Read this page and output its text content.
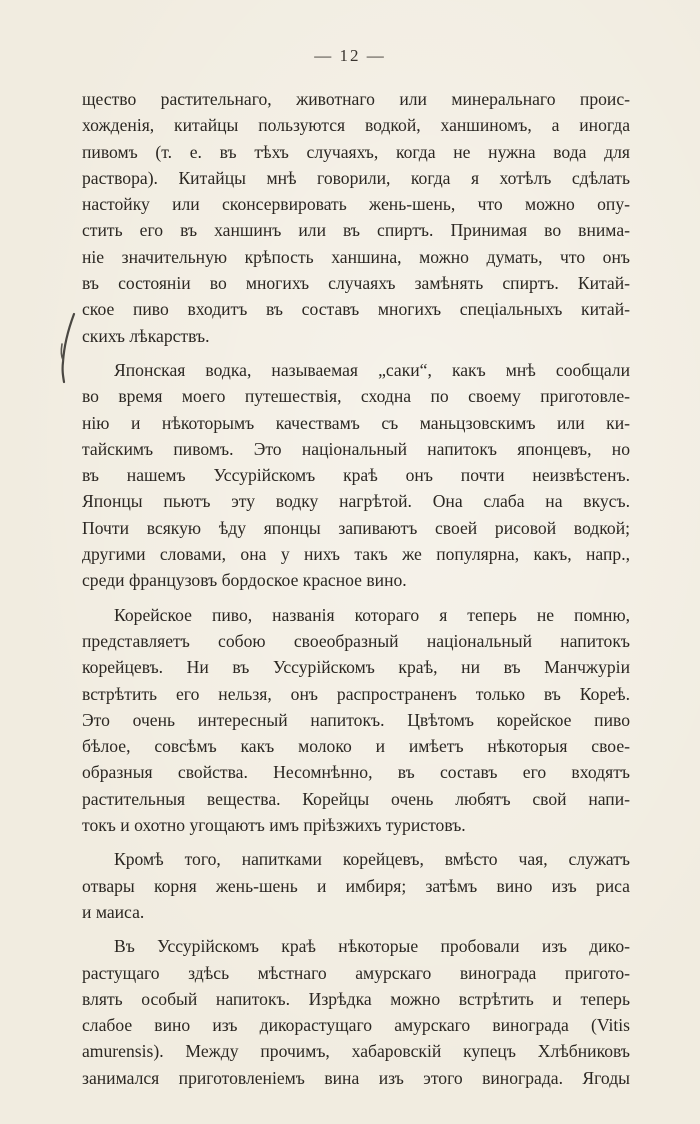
— 12 —
щество растительнаго, животнаго или минеральнаго проис-
хожденія, китайцы пользуются водкой, ханшиномъ, а иногда
пивомъ (т. е. въ тѣхъ случаяхъ, когда не нужна вода для
раствора). Китайцы мнѣ говорили, когда я хотѣлъ сдѣлать
настойку или сконсервировать жень-шень, что можно опу-
стить его въ ханшинъ или въ спиртъ. Принимая во внима-
ніе значительную крѣпость ханшина, можно думать, что онъ
въ состояніи во многихъ случаяхъ замѣнять спиртъ. Китай-
ское пиво входитъ въ составъ многихъ спеціальныхъ китай-
скихъ лѣкарствъ.
Японская водка, называемая „саки“, какъ мнѣ сообщали
во время моего путешествія, сходна по своему приготовле-
нію и нѣкоторымъ качествамъ съ маньцзовскимъ или ки-
тайскимъ пивомъ. Это національный напитокъ японцевъ, но
въ нашемъ Уссурійскомъ краѣ онъ почти неизвѣстенъ.
Японцы пьютъ эту водку нагрѣтой. Она слаба на вкусъ.
Почти всякую ѣду японцы запиваютъ своей рисовой водкой;
другими словами, она у нихъ такъ же популярна, какъ, напр.,
среди французовъ бордоское красное вино.
Корейское пиво, названія котораго я теперь не помню,
представляетъ собою своеобразный національный напитокъ
корейцевъ. Ни въ Уссурійскомъ краѣ, ни въ Манчжуріи
встрѣтить его нельзя, онъ распространенъ только въ Кореѣ.
Это очень интересный напитокъ. Цвѣтомъ корейское пиво
бѣлое, совсѣмъ какъ молоко и имѣетъ нѣкоторыя свое-
образныя свойства. Несомнѣнно, въ составъ его входятъ
растительныя вещества. Корейцы очень любятъ свой напи-
токъ и охотно угощаютъ имъ пріѣзжихъ туристовъ.
Кромѣ того, напитками корейцевъ, вмѣсто чая, служатъ
отвары корня жень-шень и имбиря; затѣмъ вино изъ риса
и маиса.
Въ Уссурійскомъ краѣ нѣкоторые пробовали изъ дико-
растущаго здѣсь мѣстнаго амурскаго винограда пригото-
влять особый напитокъ. Изрѣдка можно встрѣтить и теперь
слабое вино изъ дикорастущаго амурскаго винограда (Vitis
amurensis). Между прочимъ, хабаровскій купецъ Хлѣбниковъ
занимался приготовленіемъ вина изъ этого винограда. Ягоды
